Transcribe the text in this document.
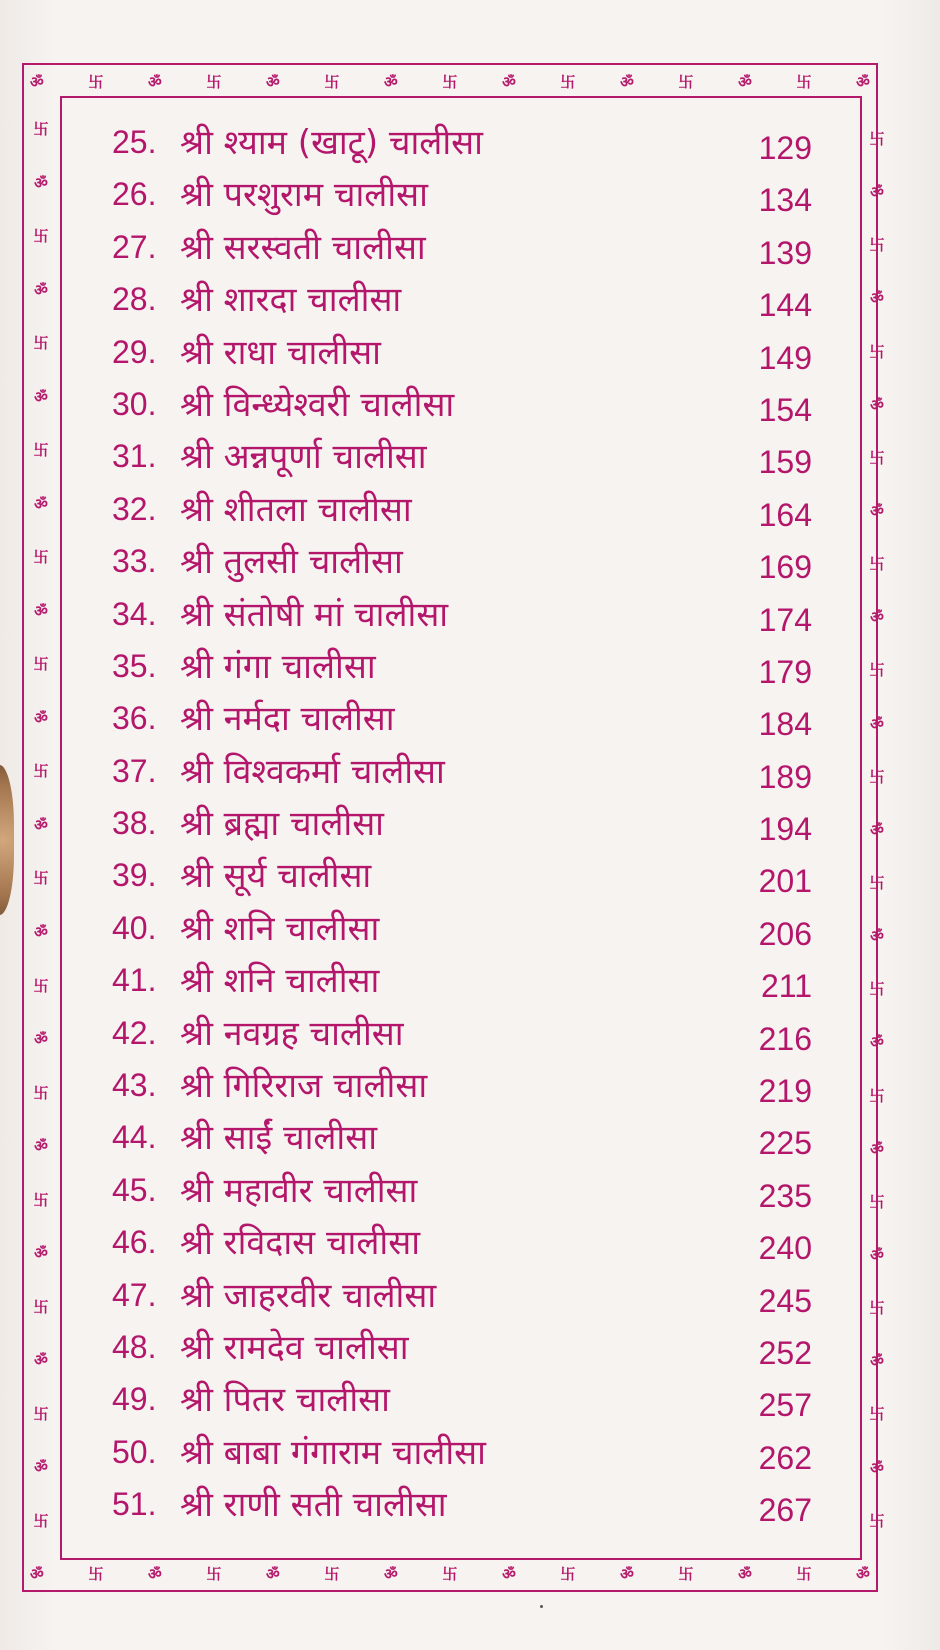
ॐ	卐	ॐ	卐	ॐ	卐	ॐ	卐	ॐ	卐	ॐ	卐	ॐ	卐	ॐ
ॐ	卐	ॐ	卐	ॐ	卐	ॐ	卐	ॐ	卐	ॐ	卐	ॐ	卐	ॐ
卐
ॐ
卐
ॐ
卐
ॐ
卐
ॐ
卐
ॐ
卐
ॐ
卐
ॐ
卐
ॐ
卐
ॐ
卐
ॐ
卐
ॐ
卐
ॐ
卐
ॐ
卐
卐
ॐ
卐
ॐ
卐
ॐ
卐
ॐ
卐
ॐ
卐
ॐ
卐
ॐ
卐
ॐ
卐
ॐ
卐
ॐ
卐
ॐ
卐
ॐ
卐
ॐ
卐
25. श्री श्याम (खाटू) चालीसा	129
26. श्री परशुराम चालीसा	134
27. श्री सरस्वती चालीसा	139
28. श्री शारदा चालीसा	144
29. श्री राधा चालीसा	149
30. श्री विन्ध्येश्वरी चालीसा	154
31. श्री अन्नपूर्णा चालीसा	159
32. श्री शीतला चालीसा	164
33. श्री तुलसी चालीसा	169
34. श्री संतोषी मां चालीसा	174
35. श्री गंगा चालीसा	179
36. श्री नर्मदा चालीसा	184
37. श्री विश्वकर्मा चालीसा	189
38. श्री ब्रह्मा चालीसा	194
39. श्री सूर्य चालीसा	201
40. श्री शनि चालीसा	206
41. श्री शनि चालीसा	211
42. श्री नवग्रह चालीसा	216
43. श्री गिरिराज चालीसा	219
44. श्री साईं चालीसा	225
45. श्री महावीर चालीसा	235
46. श्री रविदास चालीसा	240
47. श्री जाहरवीर चालीसा	245
48. श्री रामदेव चालीसा	252
49. श्री पितर चालीसा	257
50. श्री बाबा गंगाराम चालीसा	262
51. श्री राणी सती चालीसा	267
